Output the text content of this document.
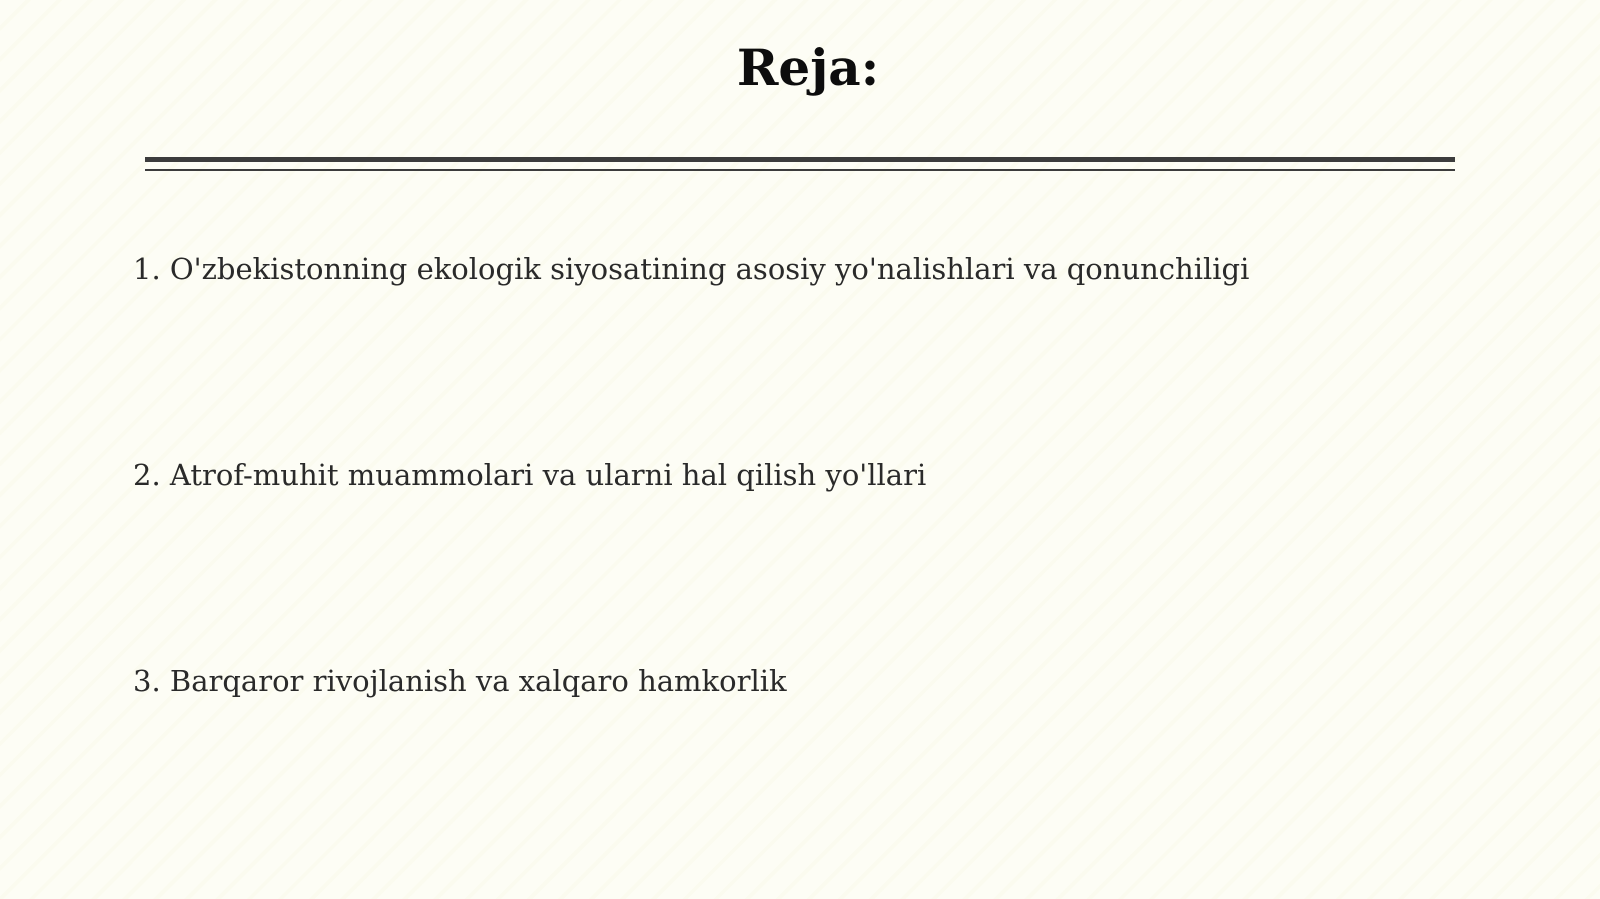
Reja:
1. O'zbekistonning ekologik siyosatining asosiy yo'nalishlari va qonunchiligi
2. Atrof-muhit muammolari va ularni hal qilish yo'llari
3. Barqaror rivojlanish va xalqaro hamkorlik
